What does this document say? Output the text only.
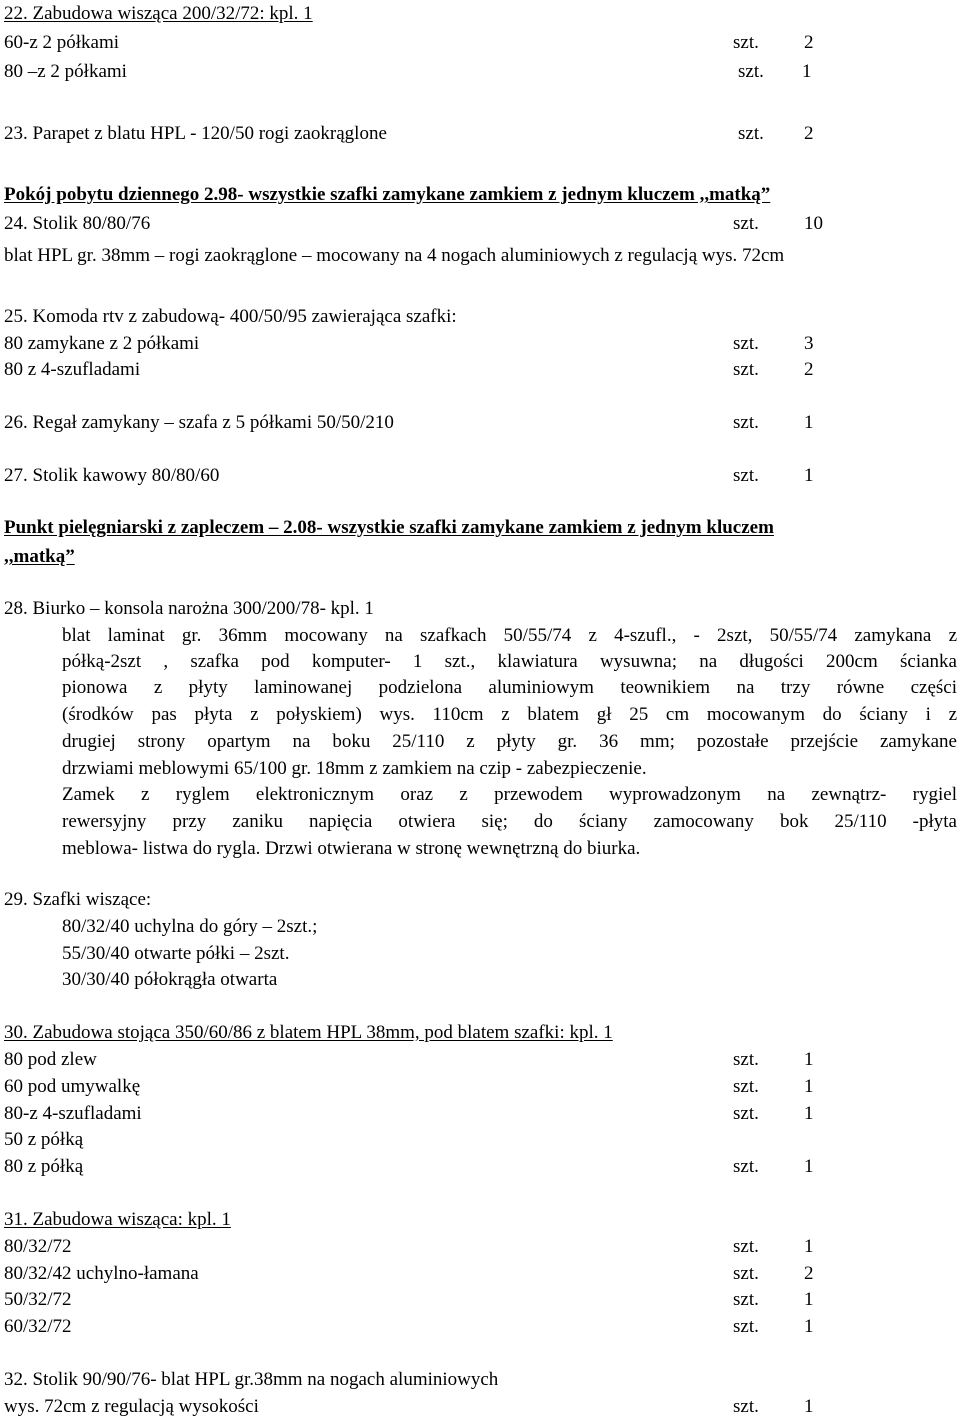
22. Zabudowa wisząca 200/32/72: kpl. 1
60-z 2 półkami	szt. 2
80 –z 2 półkami	szt. 1
23. Parapet z blatu HPL - 120/50 rogi zaokrąglone	szt. 2
Pokój pobytu dziennego 2.98- wszystkie szafki zamykane zamkiem z jednym kluczem ,,matką”
24. Stolik 80/80/76	szt. 10
blat HPL gr. 38mm – rogi zaokrąglone – mocowany na 4 nogach aluminiowych z regulacją wys. 72cm
25. Komoda rtv z zabudową- 400/50/95 zawierająca szafki:
80 zamykane z 2 półkami	szt. 3
80 z 4-szufladami	szt. 2
26. Regał zamykany – szafa z 5 półkami 50/50/210	szt. 1
27. Stolik kawowy 80/80/60	szt. 1
Punkt pielęgniarski z zapleczem – 2.08- wszystkie szafki zamykane zamkiem z jednym kluczem
,,matką”
28. Biurko – konsola narożna 300/200/78- kpl. 1
blat laminat gr. 36mm mocowany na szafkach 50/55/74 z 4-szufl., - 2szt, 50/55/74 zamykana z
półką-2szt , szafka pod komputer- 1 szt., klawiatura wysuwna; na długości 200cm ścianka
pionowa z płyty laminowanej podzielona aluminiowym teownikiem na trzy równe części
(środków pas płyta z połyskiem) wys. 110cm z blatem gł 25 cm mocowanym do ściany i z
drugiej strony opartym na boku 25/110 z płyty gr. 36 mm; pozostałe przejście zamykane
drzwiami meblowymi 65/100 gr. 18mm z zamkiem na czip - zabezpieczenie.
Zamek z ryglem elektronicznym oraz z przewodem wyprowadzonym na zewnątrz- rygiel
rewersyjny przy zaniku napięcia otwiera się; do ściany zamocowany bok 25/110 -płyta
meblowa- listwa do rygla. Drzwi otwierana w stronę wewnętrzną do biurka.
29. Szafki wiszące:
80/32/40 uchylna do góry – 2szt.;
55/30/40 otwarte półki – 2szt.
30/30/40 półokrągła otwarta
30. Zabudowa stojąca 350/60/86 z blatem HPL 38mm, pod blatem szafki: kpl. 1
80 pod zlew	szt. 1
60 pod umywalkę	szt. 1
80-z 4-szufladami	szt. 1
50 z półką
80 z półką	szt. 1
31. Zabudowa wisząca: kpl. 1
80/32/72	szt. 1
80/32/42 uchylno-łamana	szt. 2
50/32/72	szt. 1
60/32/72	szt. 1
32. Stolik 90/90/76- blat HPL gr.38mm na nogach aluminiowych
wys. 72cm z regulacją wysokości	szt. 1
